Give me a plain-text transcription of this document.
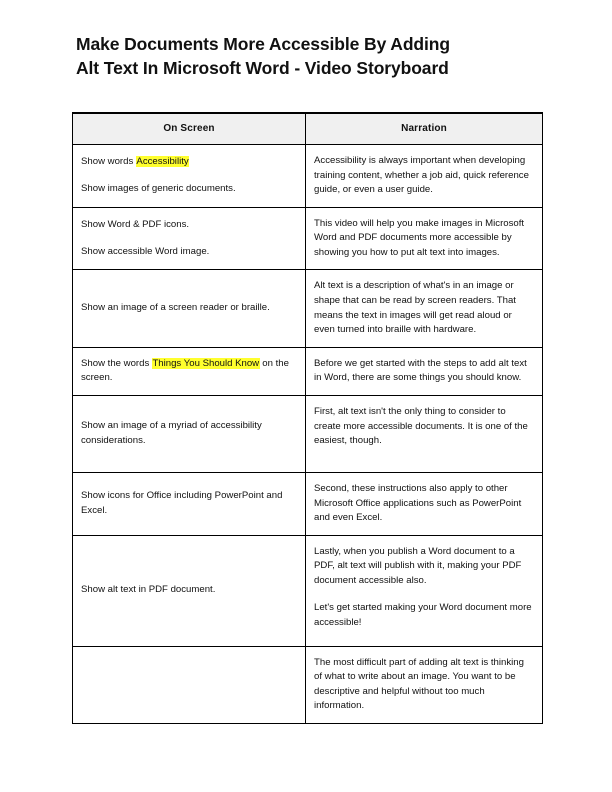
Make Documents More Accessible By Adding
Alt Text In Microsoft Word - Video Storyboard
On Screen	Narration

Show words Accessibility

Show images of generic documents.	Accessibility is always important when developing training content, whether a job aid, quick reference guide, or even a user guide.

Show Word & PDF icons.

Show accessible Word image.	This video will help you make images in Microsoft Word and PDF documents more accessible by showing you how to put alt text into images.

Show an image of a screen reader or braille.	Alt text is a description of what's in an image or shape that can be read by screen readers. That means the text in images will get read aloud or even turned into braille with hardware.

Show the words Things You Should Know on the screen.	Before we get started with the steps to add alt text in Word, there are some things you should know.

Show an image of a myriad of accessibility considerations.	First, alt text isn't the only thing to consider to create more accessible documents. It is one of the easiest, though.

Show icons for Office including PowerPoint and Excel.	Second, these instructions also apply to other Microsoft Office applications such as PowerPoint and even Excel.

Show alt text in PDF document.	Lastly, when you publish a Word document to a PDF, alt text will publish with it, making your PDF document accessible also.

Let's get started making your Word document more accessible!

	The most difficult part of adding alt text is thinking of what to write about an image. You want to be descriptive and helpful without too much information.
